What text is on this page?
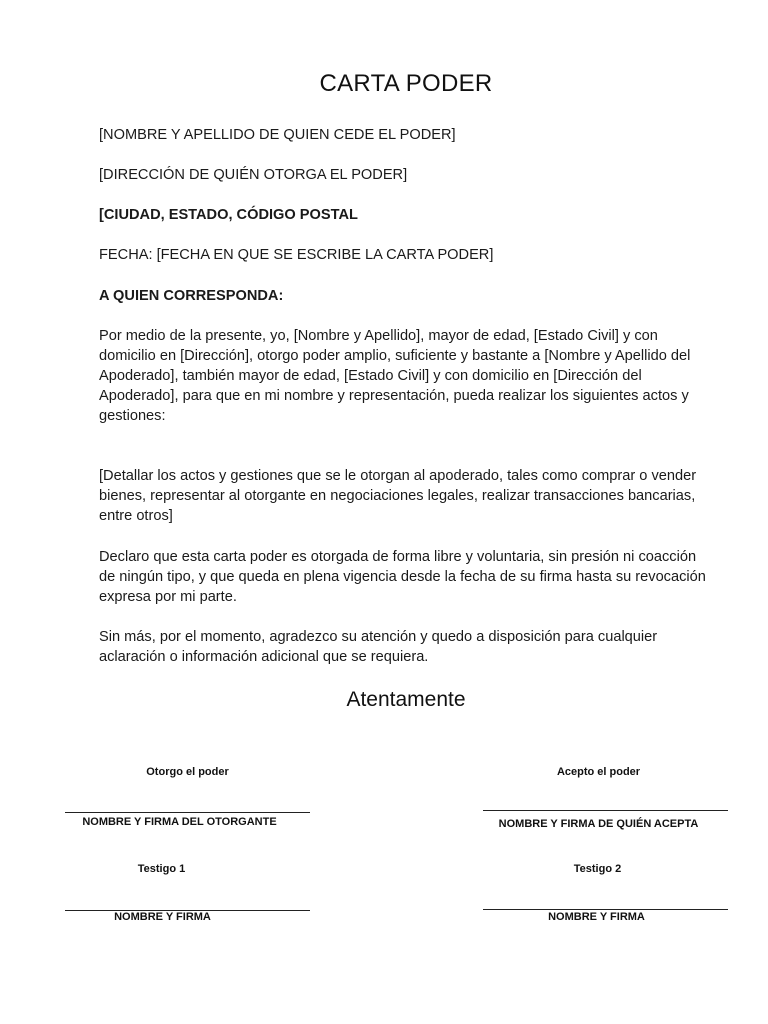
CARTA PODER

[NOMBRE Y APELLIDO DE QUIEN CEDE EL PODER]

[DIRECCIÓN DE QUIÉN OTORGA EL PODER]

[CIUDAD, ESTADO, CÓDIGO POSTAL

FECHA: [FECHA EN QUE SE ESCRIBE LA CARTA PODER]

A QUIEN CORRESPONDA:

Por medio de la presente, yo, [Nombre y Apellido], mayor de edad, [Estado Civil] y con domicilio en [Dirección], otorgo poder amplio, suficiente y bastante a [Nombre y Apellido del Apoderado], también mayor de edad, [Estado Civil] y con domicilio en [Dirección del Apoderado], para que en mi nombre y representación, pueda realizar los siguientes actos y gestiones:

[Detallar los actos y gestiones que se le otorgan al apoderado, tales como comprar o vender bienes, representar al otorgante en negociaciones legales, realizar transacciones bancarias, entre otros]

Declaro que esta carta poder es otorgada de forma libre y voluntaria, sin presión ni coacción de ningún tipo, y que queda en plena vigencia desde la fecha de su firma hasta su revocación expresa por mi parte.

Sin más, por el momento, agradezco su atención y quedo a disposición para cualquier aclaración o información adicional que se requiera.

Atentamente
Otorgo el poder
NOMBRE Y FIRMA DEL OTORGANTE
Acepto el poder
NOMBRE Y FIRMA DE QUIÉN ACEPTA
Testigo 1
NOMBRE Y FIRMA
Testigo 2
NOMBRE Y FIRMA
